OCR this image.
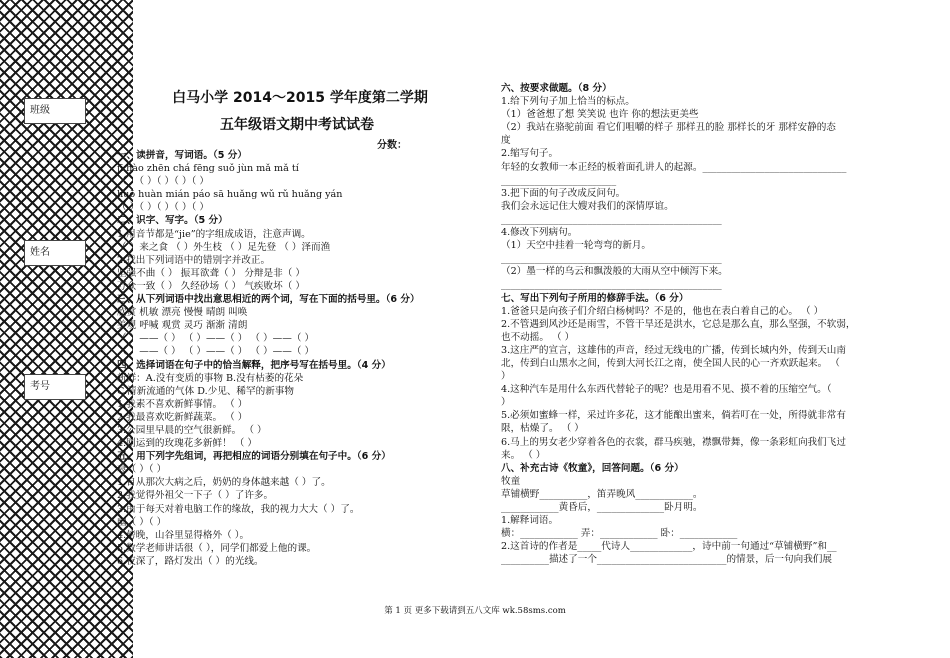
班级
姓名
考号
白马小学 2014～2015 学年度第二学期
五年级语文期中考试试卷
分数：
一、读拼音，写词语。（5 分）
jī hào zhēn chá fēng suǒ jùn mǎ mǎ tí
（ ）（ ）（ ）（ ）（ ）
huō huàn mián páo sā huǎng wǔ rǔ huǎng yán
（ ）（ ）（ ）（ ）（ ）
二、识字、写字。（5 分）
1.用音节都是“jie”的字组成成语，注意声调。
（ ）来之食 （ ）外生枝 （ ）足先登 （ ）泽而渔
2.找出下列词语中的错别字并改正。
坚强不曲（ ） 振耳欲聋（ ） 分辩是非（ ）
万众一致（ ） 久经砂场（ ） 气疾败坏（ ）
三、从下列词语中找出意思相近的两个词，写在下面的括号里。（6 分）
欣赏 机敏 漂亮 慢慢 晴朗 叫唤
美观 呼喊 观赏 灵巧 渐渐 清朗
（ ）——（ ） （ ）——（ ） （ ）——（ ）
（ ）——（ ） （ ）——（ ） （ ）——（ ）
四、选择词语在句子中的恰当解释，把序号写在括号里。（4 分）
新鲜：A.没有变质的事物 B.没有枯萎的花朵
C.清新流通的气体 D.少见、稀罕的新事物
1.我素不喜欢新鲜事情。 （ ）
2.我最喜欢吃新鲜蔬菜。 （ ）
3.公园里早晨的空气很新鲜。 （ ）
4.刚运到的玫瑰花多新鲜！ （ ）
五、用下列字先组词，再把相应的词语分别填在句子中。（6 分）
衰（ ）（ ）
1.自从那次大病之后，奶奶的身体越来越（ ）了。
2.我觉得外祖父一下子（ ）了许多。
3.由于每天对着电脑工作的缘故，我的视力大大（ ）了。
幽（ ）（ ）
4.傍晚，山谷里显得格外（ ）。
5.数学老师讲话很（ ），同学们都爱上他的课。
6.夜深了，路灯发出（ ）的光线。
六、按要求做题。（8 分）
1.给下列句子加上恰当的标点。
（1）爸爸想了想 笑笑说 也许 你的想法更美些
（2）我站在骆驼前面 看它们咀嚼的样子 那样丑的脸 那样长的牙 那样安静的态
度
2.缩写句子。
年轻的女教师一本正经的板着面孔讲人的起源。______________________________
________________________
3.把下面的句子改成反问句。
我们会永远记住大嫂对我们的深情厚谊。
______________________________________________
4.修改下列病句。
（1）天空中挂着一轮弯弯的新月。
______________________________________________
（2）墨一样的乌云和飘泼般的大雨从空中倾泻下来。
______________________________________________
七、写出下列句子所用的修辞手法。（6 分）
1.爸爸只是向孩子们介绍白杨树吗？不是的，他也在表白着自己的心。 （ ）
2.不管遇到风沙还是雨雪，不管干旱还是洪水，它总是那么直，那么坚强，不软弱，
也不动摇。 （ ）
3.这庄严的宣言，这雄伟的声音，经过无线电的广播，传到长城内外，传到天山南
北，传到白山黑水之间，传到大河长江之南，使全国人民的心一齐欢跃起来。 （
）
4.这种汽车是用什么东西代替轮子的呢？也是用看不见、摸不着的压缩空气。（
）
5.必须如蜜蜂一样，采过许多花，这才能酿出蜜来，倘若叮在一处，所得就非常有
限，枯燥了。 （ ）
6.马上的男女老少穿着各色的衣裳，群马疾驰，襟飘带舞，像一条彩虹向我们飞过
来。 （ ）
八、补充古诗《牧童》，回答问题。（6 分）
牧童
草铺横野__________，笛弄晚风____________。
____________黄昏后，______________卧月明。
1.解释词语。
横：____________ 弄：____________ 卧：____________
2.这首诗的作者是_____代诗人_____________，诗中前一句通过“草铺横野”和__
__________描述了一个___________________________的情景，后一句向我们展
第 1 页 更多下载请到五八文库 wk.58sms.com
